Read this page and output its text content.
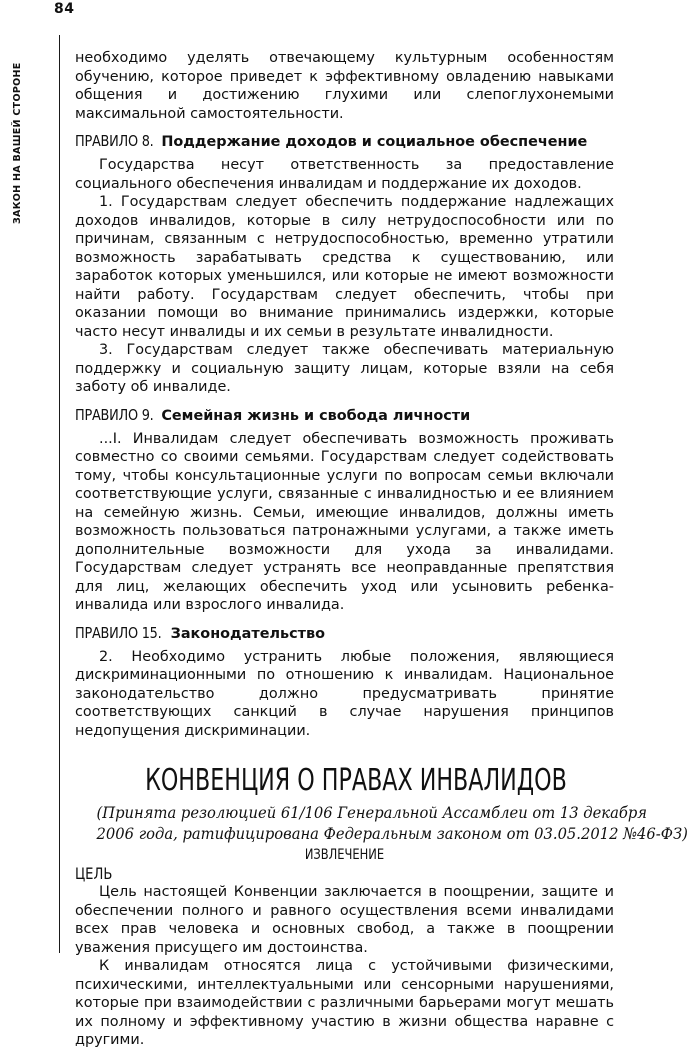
84
ЗАКОН НА ВАШЕЙ СТОРОНЕ

необходимо уделять отвечающему культурным особенностям обучению, которое приведет к эффективному овладению навыками общения и достижению глухими или слепоглухонемыми максимальной самостоятельности.

ПРАВИЛО 8. Поддержание доходов и социальное обеспечение

Государства несут ответственность за предоставление социального обеспечения инвалидам и поддержание их доходов.

1. Государствам следует обеспечить поддержание надлежащих доходов инвалидов, которые в силу нетрудоспособности или по причинам, связанным с нетрудоспособностью, временно утратили возможность зарабатывать средства к существованию, или заработок которых уменьшился, или которые не имеют возможности найти работу. Государствам следует обеспечить, чтобы при оказании помощи во внимание принимались издержки, которые часто несут инвалиды и их семьи в результате инвалидности.

3. Государствам следует также обеспечивать материальную поддержку и социальную защиту лицам, которые взяли на себя заботу об инвалиде.

ПРАВИЛО 9. Семейная жизнь и свобода личности

...I. Инвалидам следует обеспечивать возможность проживать совместно со своими семьями. Государствам следует содействовать тому, чтобы консультационные услуги по вопросам семьи включали соответствующие услуги, связанные с инвалидностью и ее влиянием на семейную жизнь. Семьи, имеющие инвалидов, должны иметь возможность пользоваться патронажными услугами, а также иметь дополнительные возможности для ухода за инвалидами. Государствам следует устранять все неоправданные препятствия для лиц, желающих обеспечить уход или усыновить ребенка-инвалида или взрослого инвалида.

ПРАВИЛО 15. Законодательство

2. Необходимо устранить любые положения, являющиеся дискриминационными по отношению к инвалидам. Национальное законодательство должно предусматривать принятие соответствующих санкций в случае нарушения принципов недопущения дискриминации.

КОНВЕНЦИЯ О ПРАВАХ ИНВАЛИДОВ
(Принята резолюцией 61/106 Генеральной Ассамблеи от 13 декабря
2006 года, ратифицирована Федеральным законом от 03.05.2012 №46-ФЗ)
ИЗВЛЕЧЕНИЕ
ЦЕЛЬ

Цель настоящей Конвенции заключается в поощрении, защите и обеспечении полного и равного осуществления всеми инвалидами всех прав человека и основных свобод, а также в поощрении уважения присущего им достоинства.

К инвалидам относятся лица с устойчивыми физическими, психическими, интеллектуальными или сенсорными нарушениями, которые при взаимодействии с различными барьерами могут мешать их полному и эффективному участию в жизни общества наравне с другими.
